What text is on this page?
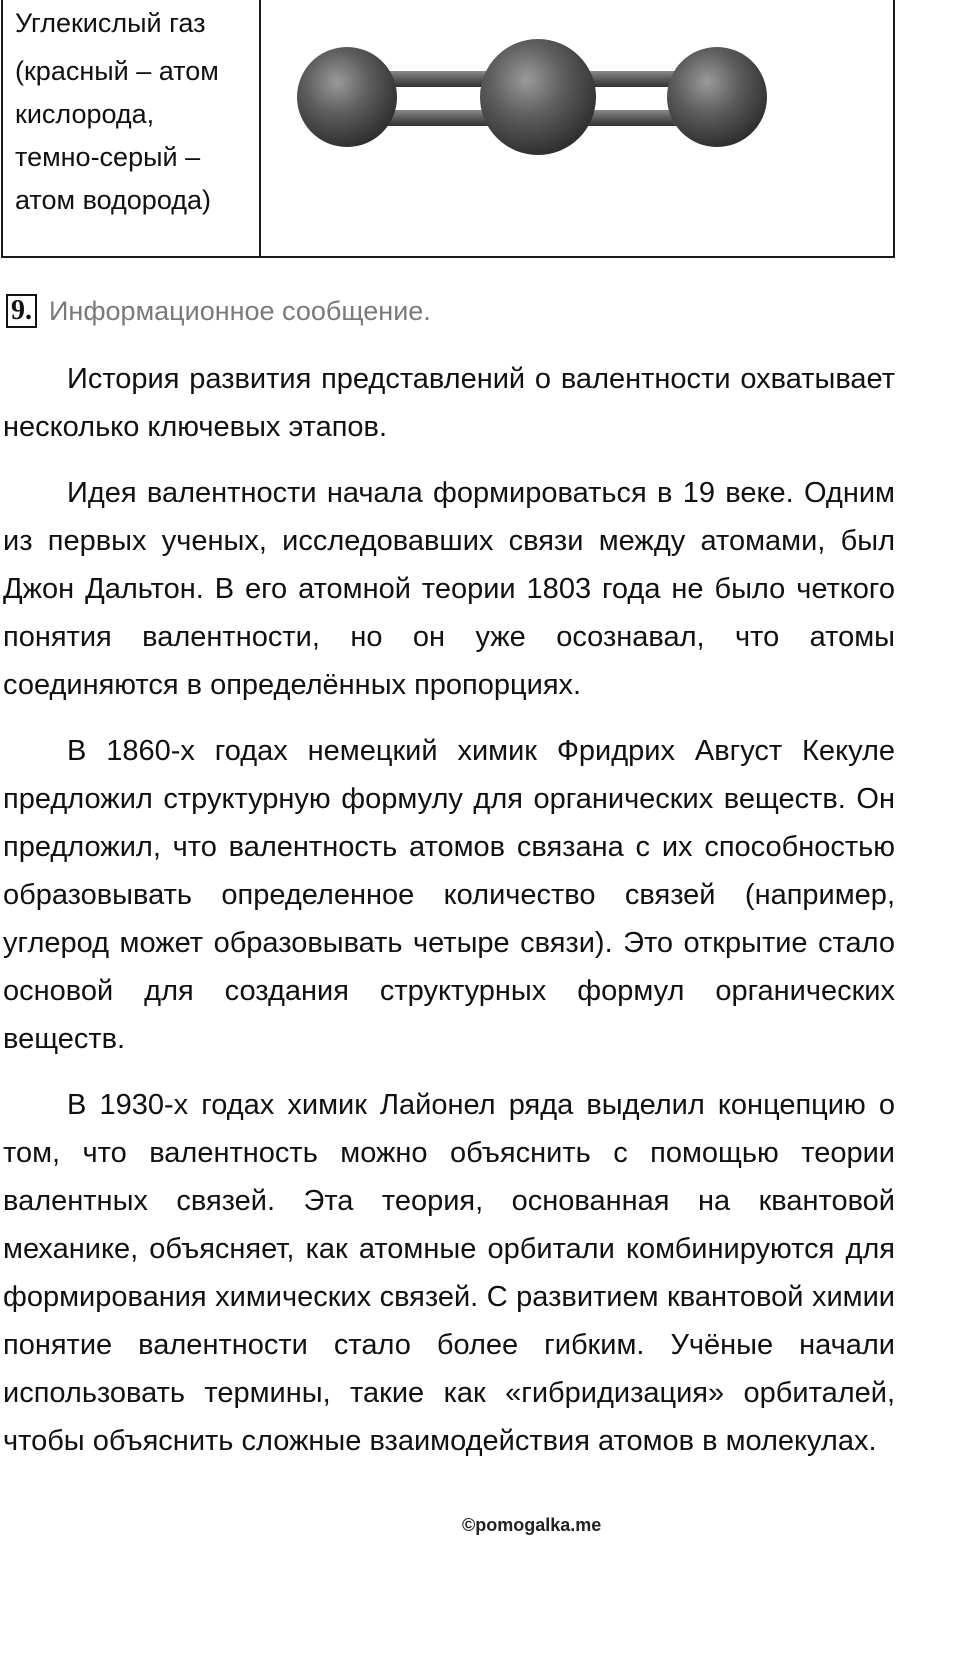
Углекислый газ

(красный – атом
кислорода,
темно-серый –
атом водорода)

9. Информационное сообщение.

История развития представлений о валентности охватывает несколько ключевых этапов.

Идея валентности начала формироваться в 19 веке. Одним из первых ученых, исследовавших связи между атомами, был Джон Дальтон. В его атомной теории 1803 года не было четкого понятия валентности, но он уже осознавал, что атомы соединяются в определённых пропорциях.

В 1860-х годах немецкий химик Фридрих Август Кекуле предложил структурную формулу для органических веществ. Он предложил, что валентность атомов связана с их способностью образовывать определенное количество связей (например, углерод может образовывать четыре связи). Это открытие стало основой для создания структурных формул органических веществ.

В 1930-х годах химик Лайонел ряда выделил концепцию о том, что валентность можно объяснить с помощью теории валентных связей. Эта теория, основанная на квантовой механике, объясняет, как атомные орбитали комбинируются для формирования химических связей. С развитием квантовой химии понятие валентности стало более гибким. Учёные начали использовать термины, такие как «гибридизация» орбиталей, чтобы объяснить сложные взаимодействия атомов в молекулах.

©pomogalka.me
